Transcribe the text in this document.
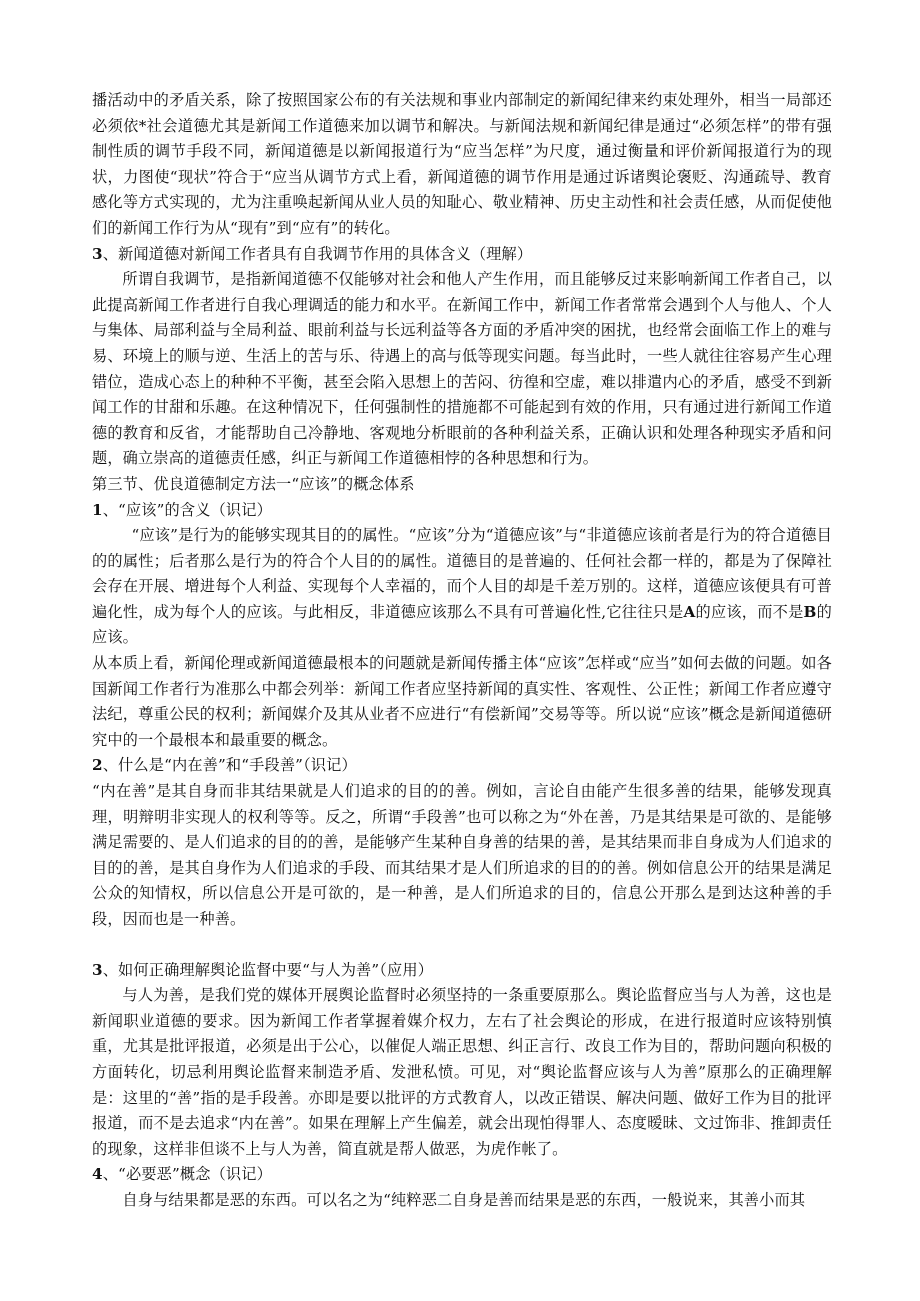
播活动中的矛盾关系，除了按照国家公布的有关法规和事业内部制定的新闻纪律来约束处理外，相当一局部还必须依*社会道德尤其是新闻工作道德来加以调节和解决。与新闻法规和新闻纪律是通过“必须怎样”的带有强制性质的调节手段不同，新闻道德是以新闻报道行为“应当怎样”为尺度，通过衡量和评价新闻报道行为的现状，力图使“现状”符合于“应当从调节方式上看，新闻道德的调节作用是通过诉诸舆论褒贬、沟通疏导、教育感化等方式实现的，尤为注重唤起新闻从业人员的知耻心、敬业精神、历史主动性和社会责任感，从而促使他们的新闻工作行为从“现有”到“应有”的转化。

3、新闻道德对新闻工作者具有自我调节作用的具体含义（理解）

所谓自我调节，是指新闻道德不仅能够对社会和他人产生作用，而且能够反过来影响新闻工作者自己，以此提高新闻工作者进行自我心理调适的能力和水平。在新闻工作中，新闻工作者常常会遇到个人与他人、个人与集体、局部利益与全局利益、眼前利益与长远利益等各方面的矛盾冲突的困扰，也经常会面临工作上的难与易、环境上的顺与逆、生活上的苦与乐、待遇上的高与低等现实问题。每当此时，一些人就往往容易产生心理错位，造成心态上的种种不平衡，甚至会陷入思想上的苦闷、彷徨和空虚，难以排遣内心的矛盾，感受不到新闻工作的甘甜和乐趣。在这种情况下，任何强制性的措施都不可能起到有效的作用，只有通过进行新闻工作道德的教育和反省，才能帮助自己冷静地、客观地分析眼前的各种利益关系，正确认识和处理各种现实矛盾和问题，确立崇高的道德责任感，纠正与新闻工作道德相悖的各种思想和行为。

第三节、优良道德制定方法一“应该”的概念体系
1、“应该”的含义（识记）

“应该”是行为的能够实现其目的的属性。“应该”分为“道德应该”与“非道德应该前者是行为的符合道德目的的属性；后者那么是行为的符合个人目的的属性。道德目的是普遍的、任何社会都一样的，都是为了保障社会存在开展、增进每个人利益、实现每个人幸福的，而个人目的却是千差万别的。这样，道德应该便具有可普遍化性，成为每个人的应该。与此相反，非道德应该那么不具有可普遍化性,它往往只是A的应该，而不是B的应该。

从本质上看，新闻伦理或新闻道德最根本的问题就是新闻传播主体“应该”怎样或“应当”如何去做的问题。如各国新闻工作者行为准那么中都会列举：新闻工作者应坚持新闻的真实性、客观性、公正性；新闻工作者应遵守法纪，尊重公民的权利；新闻媒介及其从业者不应进行“有偿新闻”交易等等。所以说“应该”概念是新闻道德研究中的一个最根本和最重要的概念。

2、什么是“内在善”和“手段善”（识记）

“内在善”是其自身而非其结果就是人们追求的目的的善。例如，言论自由能产生很多善的结果，能够发现真理，明辩明非实现人的权利等等。反之，所谓“手段善”也可以称之为“外在善，乃是其结果是可欲的、是能够满足需要的、是人们追求的目的的善，是能够产生某种自身善的结果的善，是其结果而非自身成为人们追求的目的的善，是其自身作为人们追求的手段、而其结果才是人们所追求的目的的善。例如信息公开的结果是满足公众的知情权，所以信息公开是可欲的，是一种善，是人们所追求的目的，信息公开那么是到达这种善的手段，因而也是一种善。

3、如何正确理解舆论监督中要“与人为善”（应用）

与人为善，是我们党的媒体开展舆论监督时必须坚持的一条重要原那么。舆论监督应当与人为善，这也是新闻职业道德的要求。因为新闻工作者掌握着媒介权力，左右了社会舆论的形成，在进行报道时应该特别慎重，尤其是批评报道，必须是出于公心，以催促人端正思想、纠正言行、改良工作为目的，帮助问题向积极的方面转化，切忌利用舆论监督来制造矛盾、发泄私愤。可见，对“舆论监督应该与人为善”原那么的正确理解是：这里的“善”指的是手段善。亦即是要以批评的方式教育人，以改正错误、解决问题、做好工作为目的批评报道，而不是去追求“内在善”。如果在理解上产生偏差，就会出现怕得罪人、态度暧昧、文过饰非、推卸责任的现象，这样非但谈不上与人为善，简直就是帮人做恶，为虎作帐了。

4、“必要恶”概念（识记）

自身与结果都是恶的东西。可以名之为“纯粹恶二自身是善而结果是恶的东西，一般说来，其善小而其
